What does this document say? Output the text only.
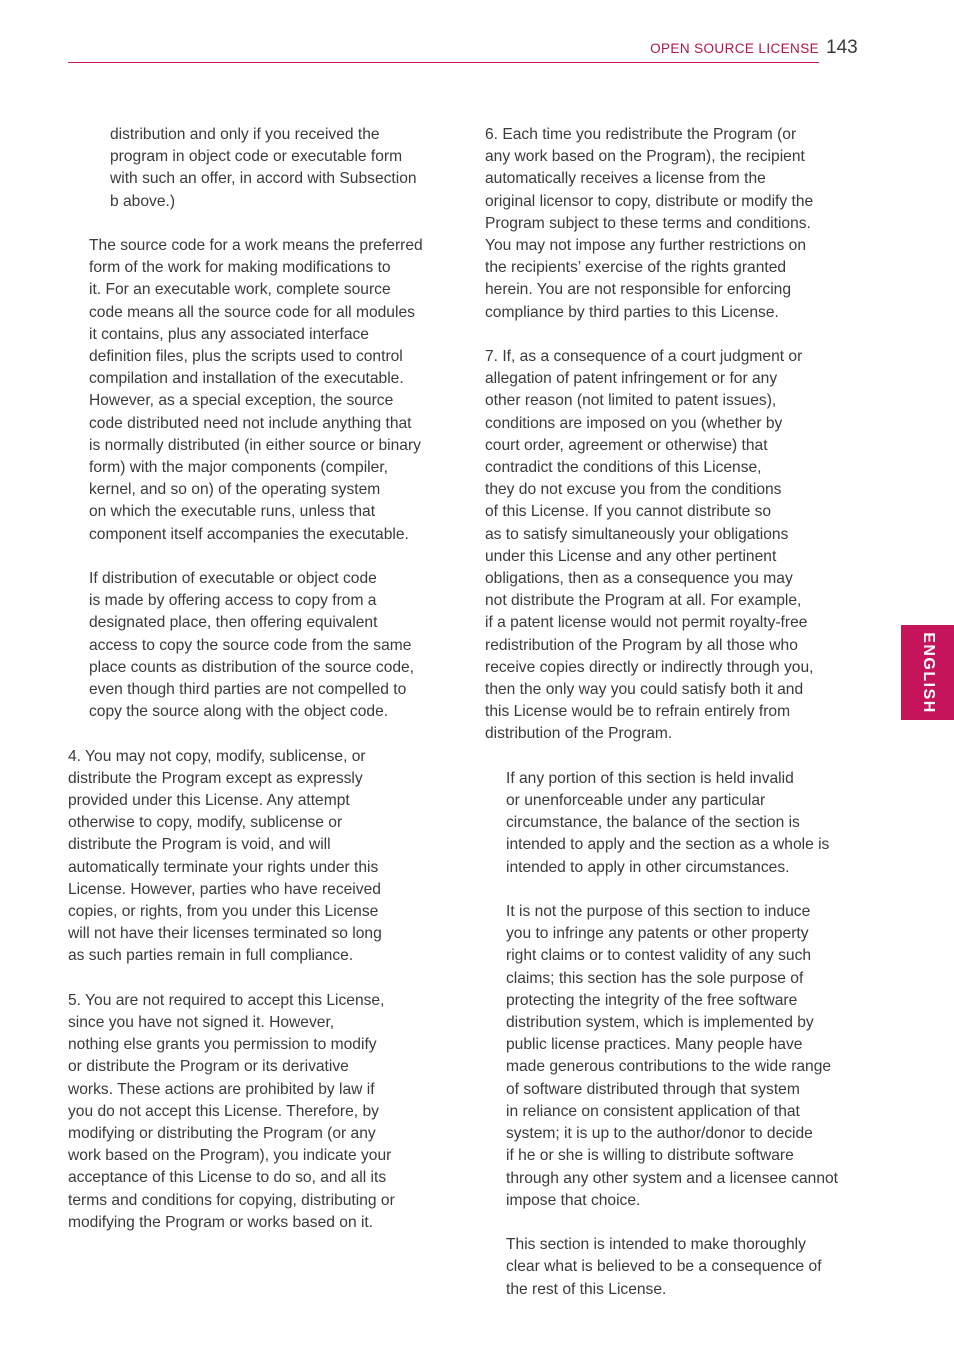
OPEN SOURCE LICENSE 143
ENGLISH
distribution and only if you received the
program in object code or executable form
with such an offer, in accord with Subsection
b above.)
The source code for a work means the preferred
form of the work for making modifications to
it. For an executable work, complete source
code means all the source code for all modules
it contains, plus any associated interface
definition files, plus the scripts used to control
compilation and installation of the executable.
However, as a special exception, the source
code distributed need not include anything that
is normally distributed (in either source or binary
form) with the major components (compiler,
kernel, and so on) of the operating system
on which the executable runs, unless that
component itself accompanies the executable.
If distribution of executable or object code
is made by offering access to copy from a
designated place, then offering equivalent
access to copy the source code from the same
place counts as distribution of the source code,
even though third parties are not compelled to
copy the source along with the object code.
4. You may not copy, modify, sublicense, or
distribute the Program except as expressly
provided under this License. Any attempt
otherwise to copy, modify, sublicense or
distribute the Program is void, and will
automatically terminate your rights under this
License. However, parties who have received
copies, or rights, from you under this License
will not have their licenses terminated so long
as such parties remain in full compliance.
5. You are not required to accept this License,
since you have not signed it. However,
nothing else grants you permission to modify
or distribute the Program or its derivative
works. These actions are prohibited by law if
you do not accept this License. Therefore, by
modifying or distributing the Program (or any
work based on the Program), you indicate your
acceptance of this License to do so, and all its
terms and conditions for copying, distributing or
modifying the Program or works based on it.
6. Each time you redistribute the Program (or
any work based on the Program), the recipient
automatically receives a license from the
original licensor to copy, distribute or modify the
Program subject to these terms and conditions.
You may not impose any further restrictions on
the recipients’ exercise of the rights granted
herein. You are not responsible for enforcing
compliance by third parties to this License.
7. If, as a consequence of a court judgment or
allegation of patent infringement or for any
other reason (not limited to patent issues),
conditions are imposed on you (whether by
court order, agreement or otherwise) that
contradict the conditions of this License,
they do not excuse you from the conditions
of this License. If you cannot distribute so
as to satisfy simultaneously your obligations
under this License and any other pertinent
obligations, then as a consequence you may
not distribute the Program at all. For example,
if a patent license would not permit royalty-free
redistribution of the Program by all those who
receive copies directly or indirectly through you,
then the only way you could satisfy both it and
this License would be to refrain entirely from
distribution of the Program.
If any portion of this section is held invalid
or unenforceable under any particular
circumstance, the balance of the section is
intended to apply and the section as a whole is
intended to apply in other circumstances.
It is not the purpose of this section to induce
you to infringe any patents or other property
right claims or to contest validity of any such
claims; this section has the sole purpose of
protecting the integrity of the free software
distribution system, which is implemented by
public license practices. Many people have
made generous contributions to the wide range
of software distributed through that system
in reliance on consistent application of that
system; it is up to the author/donor to decide
if he or she is willing to distribute software
through any other system and a licensee cannot
impose that choice.
This section is intended to make thoroughly
clear what is believed to be a consequence of
the rest of this License.
